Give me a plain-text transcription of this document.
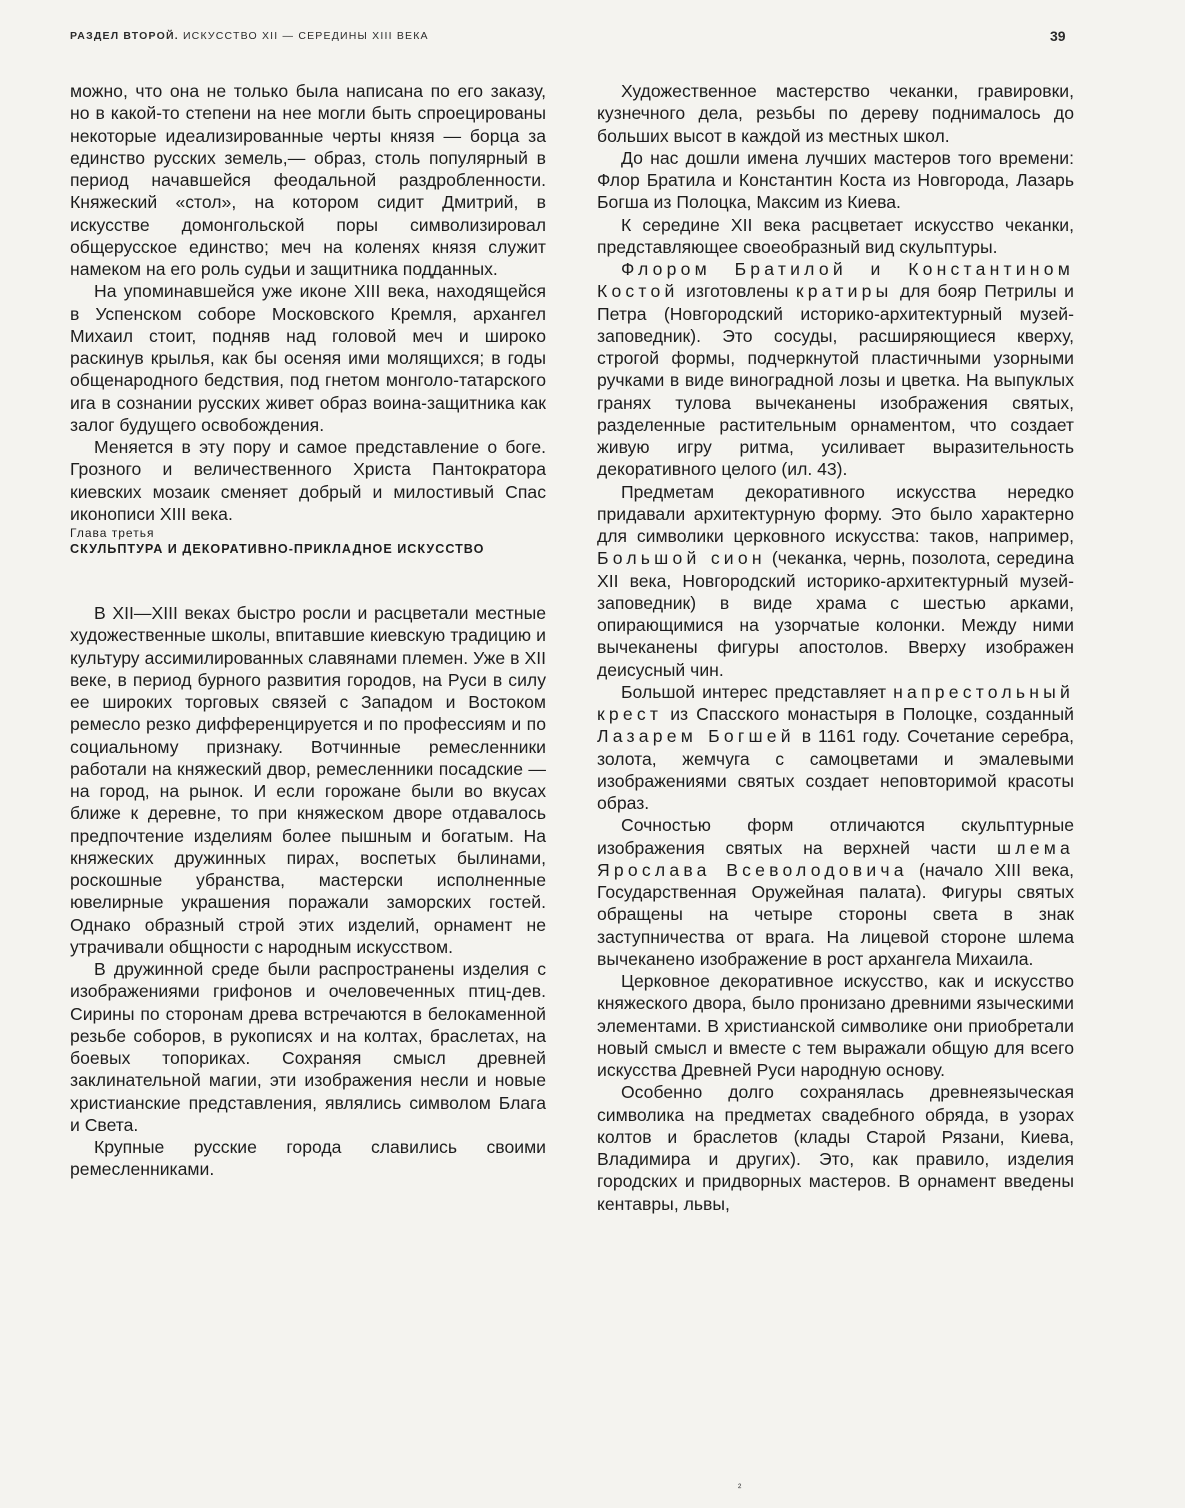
РАЗДЕЛ ВТОРОЙ. ИСКУССТВО XII — СЕРЕДИНЫ XIII ВЕКА	39

можно, что она не только была написана по его заказу, но в какой-то степени на нее могли быть спроецированы некоторые идеализированные черты князя — борца за единство русских земель,— образ, столь популярный в период начавшейся феодальной раздробленности. Княжеский «стол», на котором сидит Дмитрий, в искусстве домонгольской поры символизировал общерусское единство; меч на коленях князя служит намеком на его роль судьи и защитника подданных.

На упоминавшейся уже иконе XIII века, находящейся в Успенском соборе Московского Кремля, архангел Михаил стоит, подняв над головой меч и широко раскинув крылья, как бы осеняя ими молящихся; в годы общенародного бедствия, под гнетом монголо-татарского ига в сознании русских живет образ воина-защитника как залог будущего освобождения.

Меняется в эту пору и самое представление о боге. Грозного и величественного Христа Пантократора киевских мозаик сменяет добрый и милостивый Спас иконописи XIII века.

Глава третья

СКУЛЬПТУРА И ДЕКОРАТИВНО-ПРИКЛАДНОЕ ИСКУССТВО

В XII—XIII веках быстро росли и расцветали местные художественные школы, впитавшие киевскую традицию и культуру ассимилированных славянами племен. Уже в XII веке, в период бурного развития городов, на Руси в силу ее широких торговых связей с Западом и Востоком ремесло резко дифференцируется и по профессиям и по социальному признаку. Вотчинные ремесленники работали на княжеский двор, ремесленники посадские — на город, на рынок. И если горожане были во вкусах ближе к деревне, то при княжеском дворе отдавалось предпочтение изделиям более пышным и богатым. На княжеских дружинных пирах, воспетых былинами, роскошные убранства, мастерски исполненные ювелирные украшения поражали заморских гостей. Однако образный строй этих изделий, орнамент не утрачивали общности с народным искусством.

В дружинной среде были распространены изделия с изображениями грифонов и очеловеченных птиц-дев. Сирины по сторонам древа встречаются в белокаменной резьбе соборов, в рукописях и на колтах, браслетах, на боевых топориках. Сохраняя смысл древней заклинательной магии, эти изображения несли и новые христианские представления, являлись символом Блага и Света.

Крупные русские города славились своими ремесленниками.

Художественное мастерство чеканки, гравировки, кузнечного дела, резьбы по дереву поднималось до больших высот в каждой из местных школ.

До нас дошли имена лучших мастеров того времени: Флор Братила и Константин Коста из Новгорода, Лазарь Богша из Полоцка, Максим из Киева.

К середине XII века расцветает искусство чеканки, представляющее своеобразный вид скульптуры.

Флором Братилой и Константином Костой изготовлены кратиры для бояр Петрилы и Петра (Новгородский историко-архитектурный музей-заповедник). Это сосуды, расширяющиеся кверху, строгой формы, подчеркнутой пластичными узорными ручками в виде виноградной лозы и цветка. На выпуклых гранях тулова вычеканены изображения святых, разделенные растительным орнаментом, что создает живую игру ритма, усиливает выразительность декоративного целого (ил. 43).

Предметам декоративного искусства нередко придавали архитектурную форму. Это было характерно для символики церковного искусства: таков, например, Большой сион (чеканка, чернь, позолота, середина XII века, Новгородский историко-архитектурный музей-заповедник) в виде храма с шестью арками, опирающимися на узорчатые колонки. Между ними вычеканены фигуры апостолов. Вверху изображен деисусный чин.

Большой интерес представляет напрестольный крест из Спасского монастыря в Полоцке, созданный Лазарем Богшей в 1161 году. Сочетание серебра, золота, жемчуга с самоцветами и эмалевыми изображениями святых создает неповторимой красоты образ.

Сочностью форм отличаются скульптурные изображения святых на верхней части шлема Ярослава Всеволодовича (начало XIII века, Государственная Оружейная палата). Фигуры святых обращены на четыре стороны света в знак заступничества от врага. На лицевой стороне шлема вычеканено изображение в рост архангела Михаила.

Церковное декоративное искусство, как и искусство княжеского двора, было пронизано древними языческими элементами. В христианской символике они приобретали новый смысл и вместе с тем выражали общую для всего искусства Древней Руси народную основу.

Особенно долго сохранялась древнеязыческая символика на предметах свадебного обряда, в узорах колтов и браслетов (клады Старой Рязани, Киева, Владимира и других). Это, как правило, изделия городских и придворных мастеров. В орнамент введены кентавры, львы,

²
